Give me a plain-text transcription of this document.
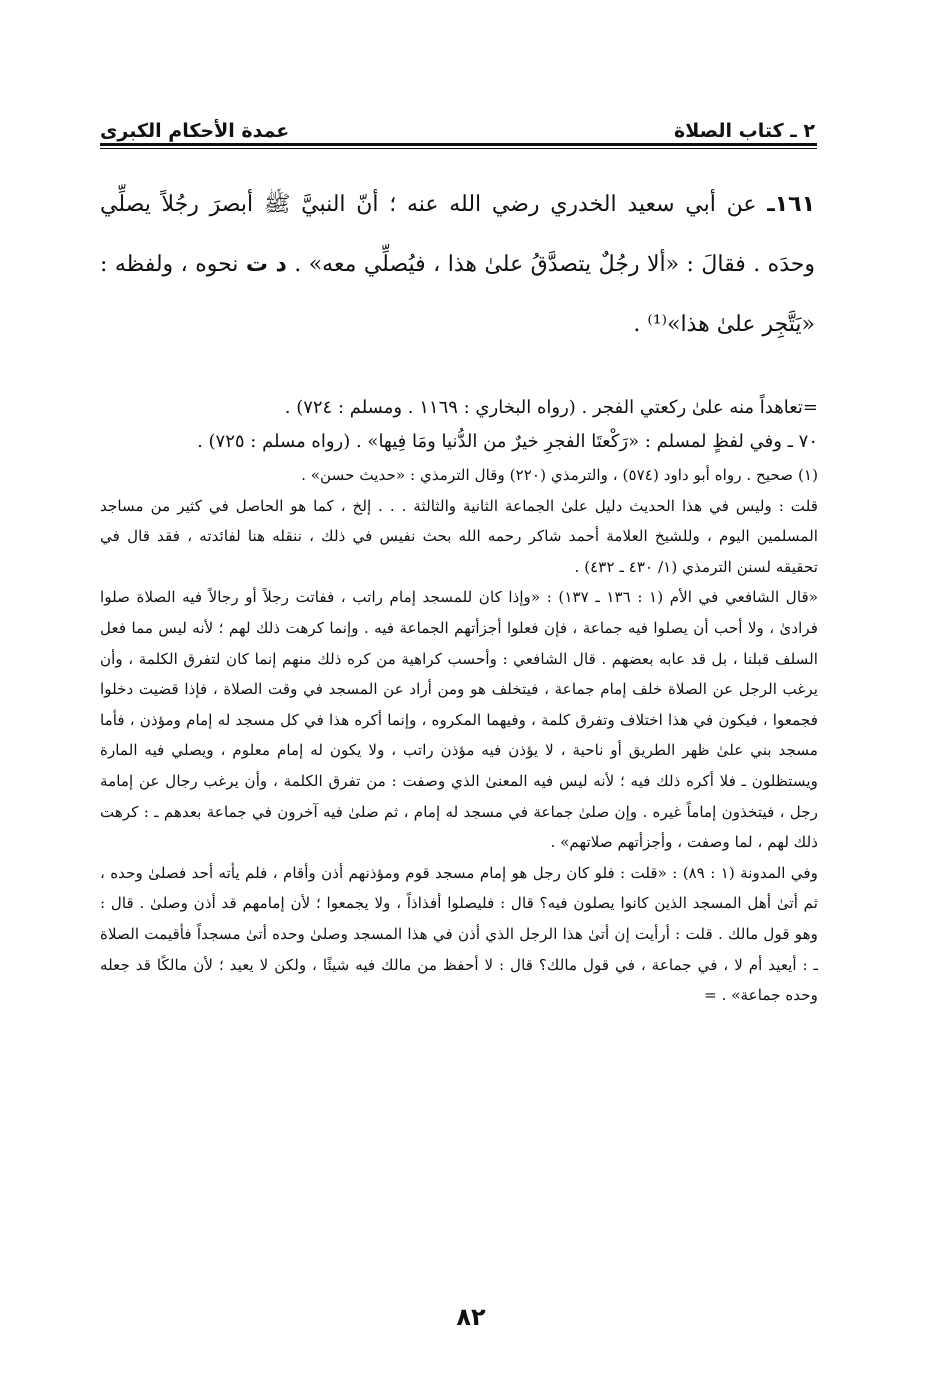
٢ ـ كتاب الصلاة
عمدة الأحكام الكبرى

١٦١ـ عن أبي سعيد الخدري رضي الله عنه ؛ أنّ النبيَّ ﷺ أبصرَ رجُلاً يصلِّي وحدَه . فقالَ : «ألا رجُلٌ يتصدَّقُ علىٰ هذا ، فيُصلِّي معه» . د ت نحوه ، ولفظه : «يَتَّجِر علىٰ هذا»⁽¹⁾ .

=تعاهداً منه علىٰ ركعتي الفجر . (رواه البخاري : ١١٦٩ . ومسلم : ٧٢٤) .

٧٠ ـ وفي لفظٍ لمسلم : «رَكْعتَا الفجرِ خيرٌ من الدُّنيا ومَا فِيها» . (رواه مسلم : ٧٢٥) .

(١) صحيح . رواه أبو داود (٥٧٤) ، والترمذي (٢٢٠) وقال الترمذي : «حديث حسن» .

قلت : وليس في هذا الحديث دليل علىٰ الجماعة الثانية والثالثة . . . إلخ ، كما هو الحاصل في كثير من مساجد المسلمين اليوم ، وللشيخ العلامة أحمد شاكر رحمه الله بحث نفيس في ذلك ، ننقله هنا لفائدته ، فقد قال في تحقيقه لسنن الترمذي (١/ ٤٣٠ ـ ٤٣٢) .

«قال الشافعي في الأم (١ : ١٣٦ ـ ١٣٧) : «وإذا كان للمسجد إمام راتب ، ففاتت رجلاً أو رجالاً فيه الصلاة صلوا فرادىٰ ، ولا أحب أن يصلوا فيه جماعة ، فإن فعلوا أجزأتهم الجماعة فيه . وإنما كرهت ذلك لهم ؛ لأنه ليس مما فعل السلف قبلنا ، بل قد عابه بعضهم . قال الشافعي : وأحسب كراهية من كره ذلك منهم إنما كان لتفرق الكلمة ، وأن يرغب الرجل عن الصلاة خلف إمام جماعة ، فيتخلف هو ومن أراد عن المسجد في وقت الصلاة ، فإذا قضيت دخلوا فجمعوا ، فيكون في هذا اختلاف وتفرق كلمة ، وفيهما المكروه ، وإنما أكره هذا في كل مسجد له إمام ومؤذن ، فأما مسجد بني علىٰ ظهر الطريق أو ناحية ، لا يؤذن فيه مؤذن راتب ، ولا يكون له إمام معلوم ، ويصلي فيه المارة ويستظلون ـ فلا أكره ذلك فيه ؛ لأنه ليس فيه المعنىٰ الذي وصفت : من تفرق الكلمة ، وأن يرغب رجال عن إمامة رجل ، فيتخذون إماماً غيره . وإن صلىٰ جماعة في مسجد له إمام ، ثم صلىٰ فيه آخرون في جماعة بعدهم ـ : كرهت ذلك لهم ، لما وصفت ، وأجزأتهم صلاتهم» .

وفي المدونة (١ : ٨٩) : «قلت : فلو كان رجل هو إمام مسجد قوم ومؤذنهم أذن وأقام ، فلم يأته أحد فصلىٰ وحده ، ثم أتىٰ أهل المسجد الذين كانوا يصلون فيه؟ قال : فليصلوا أفذاذاً ، ولا يجمعوا ؛ لأن إمامهم قد أذن وصلىٰ . قال : وهو قول مالك . قلت : أرأيت إن أتىٰ هذا الرجل الذي أذن في هذا المسجد وصلىٰ وحده أتىٰ مسجداً فأقيمت الصلاة ـ : أيعيد أم لا ، في جماعة ، في قول مالك؟ قال : لا أحفظ من مالك فيه شيئًا ، ولكن لا يعيد ؛ لأن مالكًا قد جعله وحده جماعة» . =

٨٢
